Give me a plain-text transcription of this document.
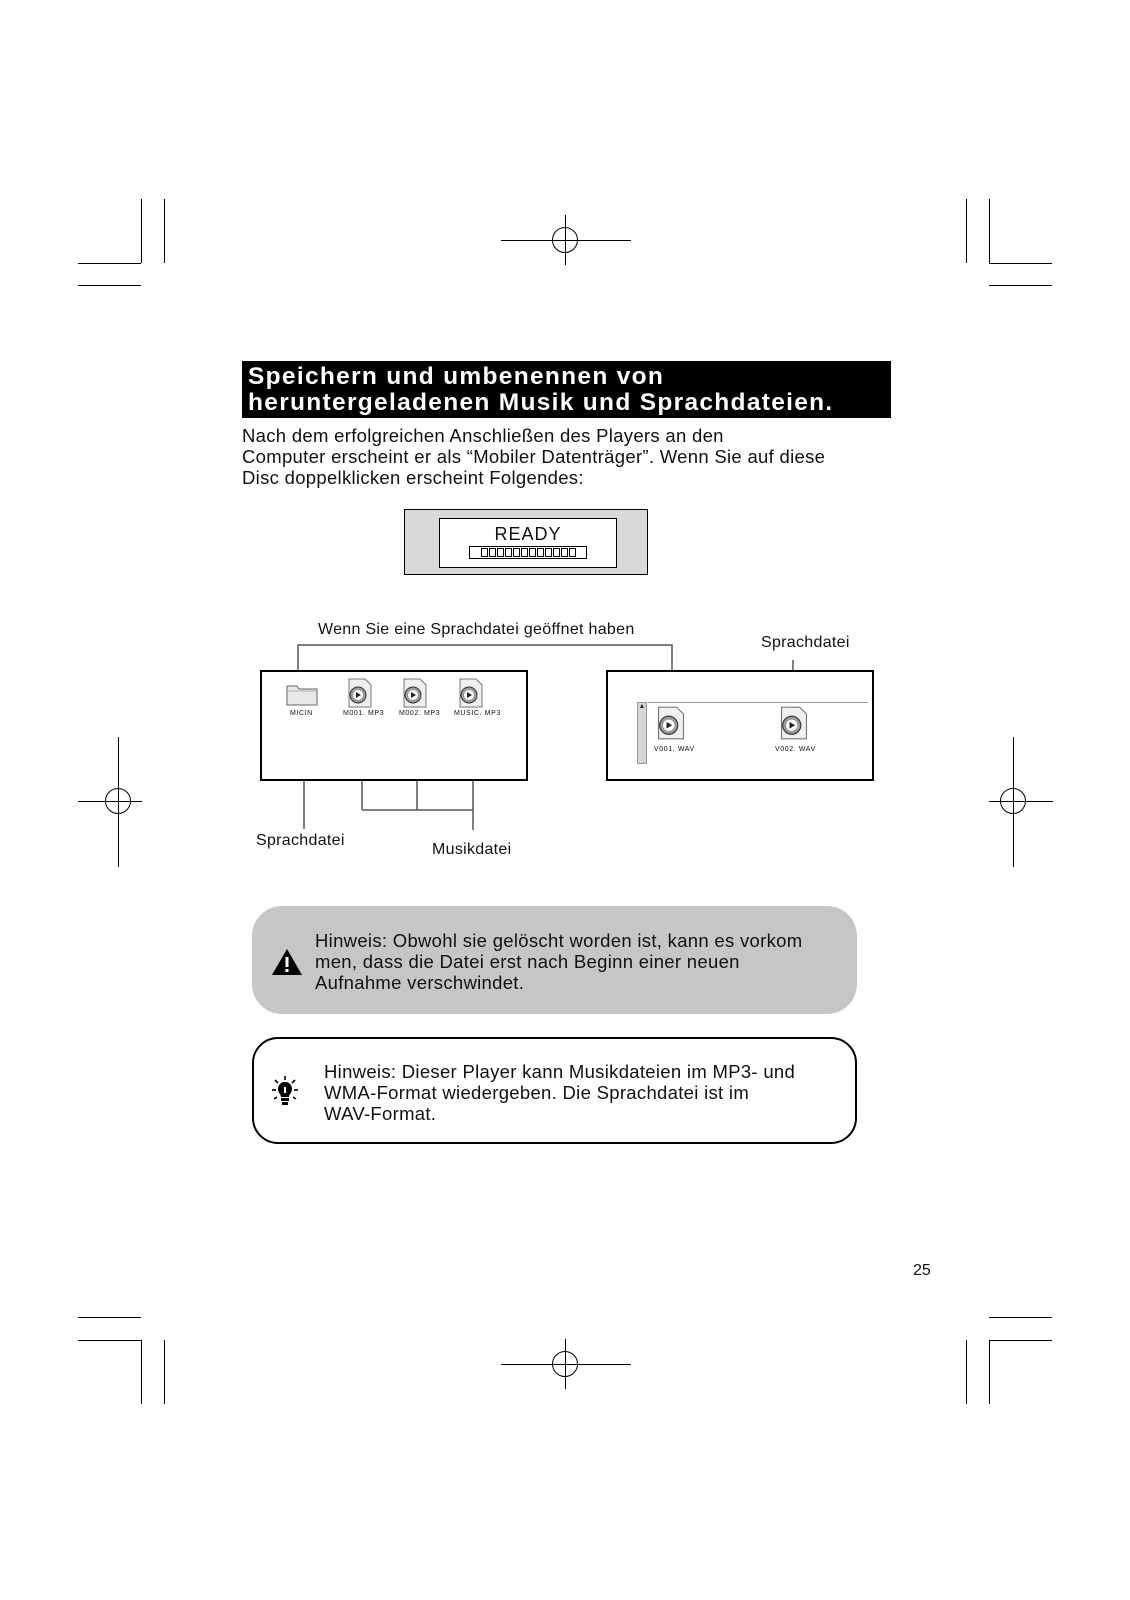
Speichern und umbenennen von
heruntergeladenen Musik und Sprachdateien.
Nach dem erfolgreichen Anschließen des Players an den
Computer erscheint er als “Mobiler Datenträger”. Wenn Sie auf diese
Disc doppelklicken erscheint Folgendes:
READY
Wenn Sie eine Sprachdatei geöffnet haben
Sprachdatei
Sprachdatei
Musikdatei
MICIN	M001. MP3 M002. MP3 MUSIC. MP3
▲
V001. WAV	V002. WAV
Hinweis: Obwohl sie gelöscht worden ist, kann es vorkom
men, dass die Datei erst nach Beginn einer neuen
Aufnahme verschwindet.
Hinweis: Dieser Player kann Musikdateien im MP3- und
WMA-Format wiedergeben. Die Sprachdatei ist im
WAV-Format.
25
